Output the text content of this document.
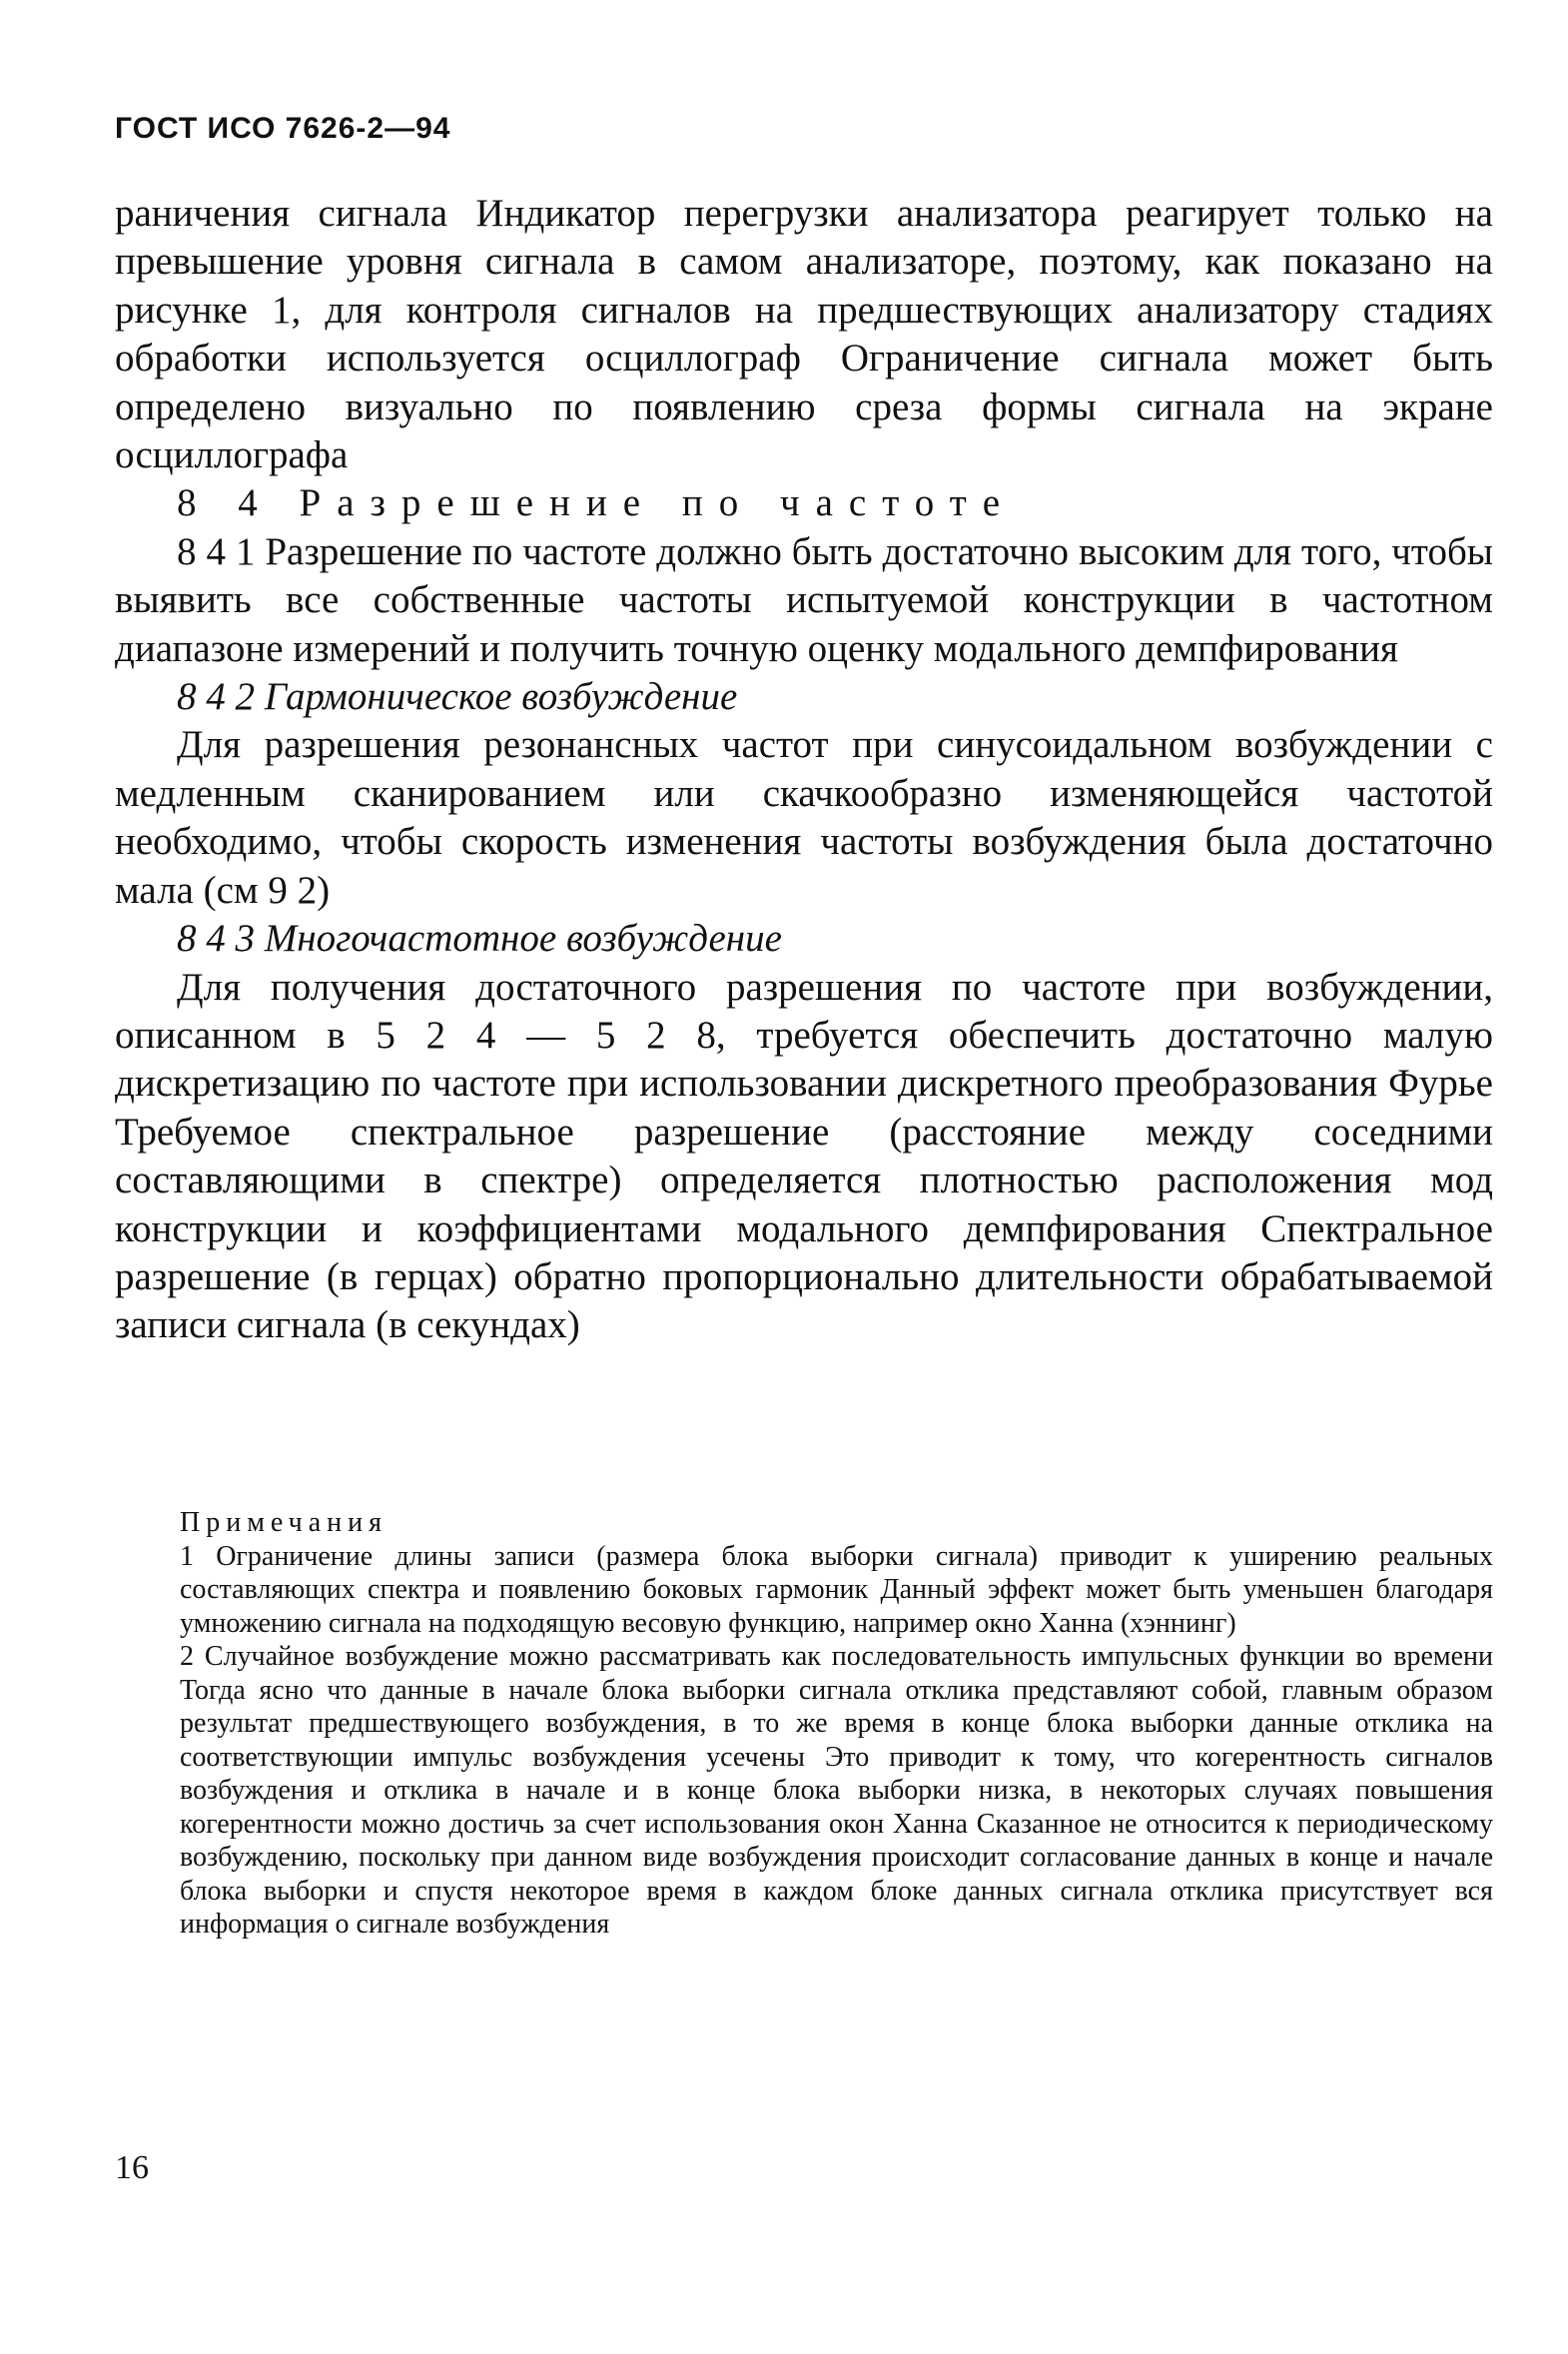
ГОСТ ИСО 7626-2—94

раничения сигнала Индикатор перегрузки анализатора реагирует только на превышение уровня сигнала в самом анализаторе, поэтому, как показано на рисунке 1, для контроля сигналов на предшествующих анализатору стадиях обработки используется осциллограф Ограничение сигнала может быть определено визуально по появлению среза формы сигнала на экране осциллографа

8 4 Разрешение по частоте

8 4 1 Разрешение по частоте должно быть достаточно высоким для того, чтобы выявить все собственные частоты испытуемой конструкции в частотном диапазоне измерений и получить точную оценку модального демпфирования

8 4 2 Гармоническое возбуждение

Для разрешения резонансных частот при синусоидальном возбуждении с медленным сканированием или скачкообразно изменяющейся частотой необходимо, чтобы скорость изменения частоты возбуждения была достаточно мала (см 9 2)

8 4 3 Многочастотное возбуждение

Для получения достаточного разрешения по частоте при возбуждении, описанном в 5 2 4 — 5 2 8, требуется обеспечить достаточно малую дискретизацию по частоте при использовании дискретного преобразования Фурье Требуемое спектральное разрешение (расстояние между соседними составляющими в спектре) определяется плотностью расположения мод конструкции и коэффициентами модального демпфирования Спектральное разрешение (в герцах) обратно пропорционально длительности обрабатываемой записи сигнала (в секундах)

Примечания

1 Ограничение длины записи (размера блока выборки сигнала) приводит к уширению реальных составляющих спектра и появлению боковых гармоник Данный эффект может быть уменьшен благодаря умножению сигнала на подходящую весовую функцию, например окно Ханна (хэннинг)

2 Случайное возбуждение можно рассматривать как последовательность импульсных функции во времени Тогда ясно что данные в начале блока выборки сигнала отклика представляют собой, главным образом результат предшествующего возбуждения, в то же время в конце блока выборки данные отклика на соответствующии импульс возбуждения усечены Это приводит к тому, что когерентность сигналов возбуждения и отклика в начале и в конце блока выборки низка, в некоторых случаях повышения когерентности можно достичь за счет использования окон Ханна Сказанное не относится к периодическому возбуждению, поскольку при данном виде возбуждения происходит согласование данных в конце и начале блока выборки и спустя некоторое время в каждом блоке данных сигнала отклика присутствует вся информация о сигнале возбуждения

16
